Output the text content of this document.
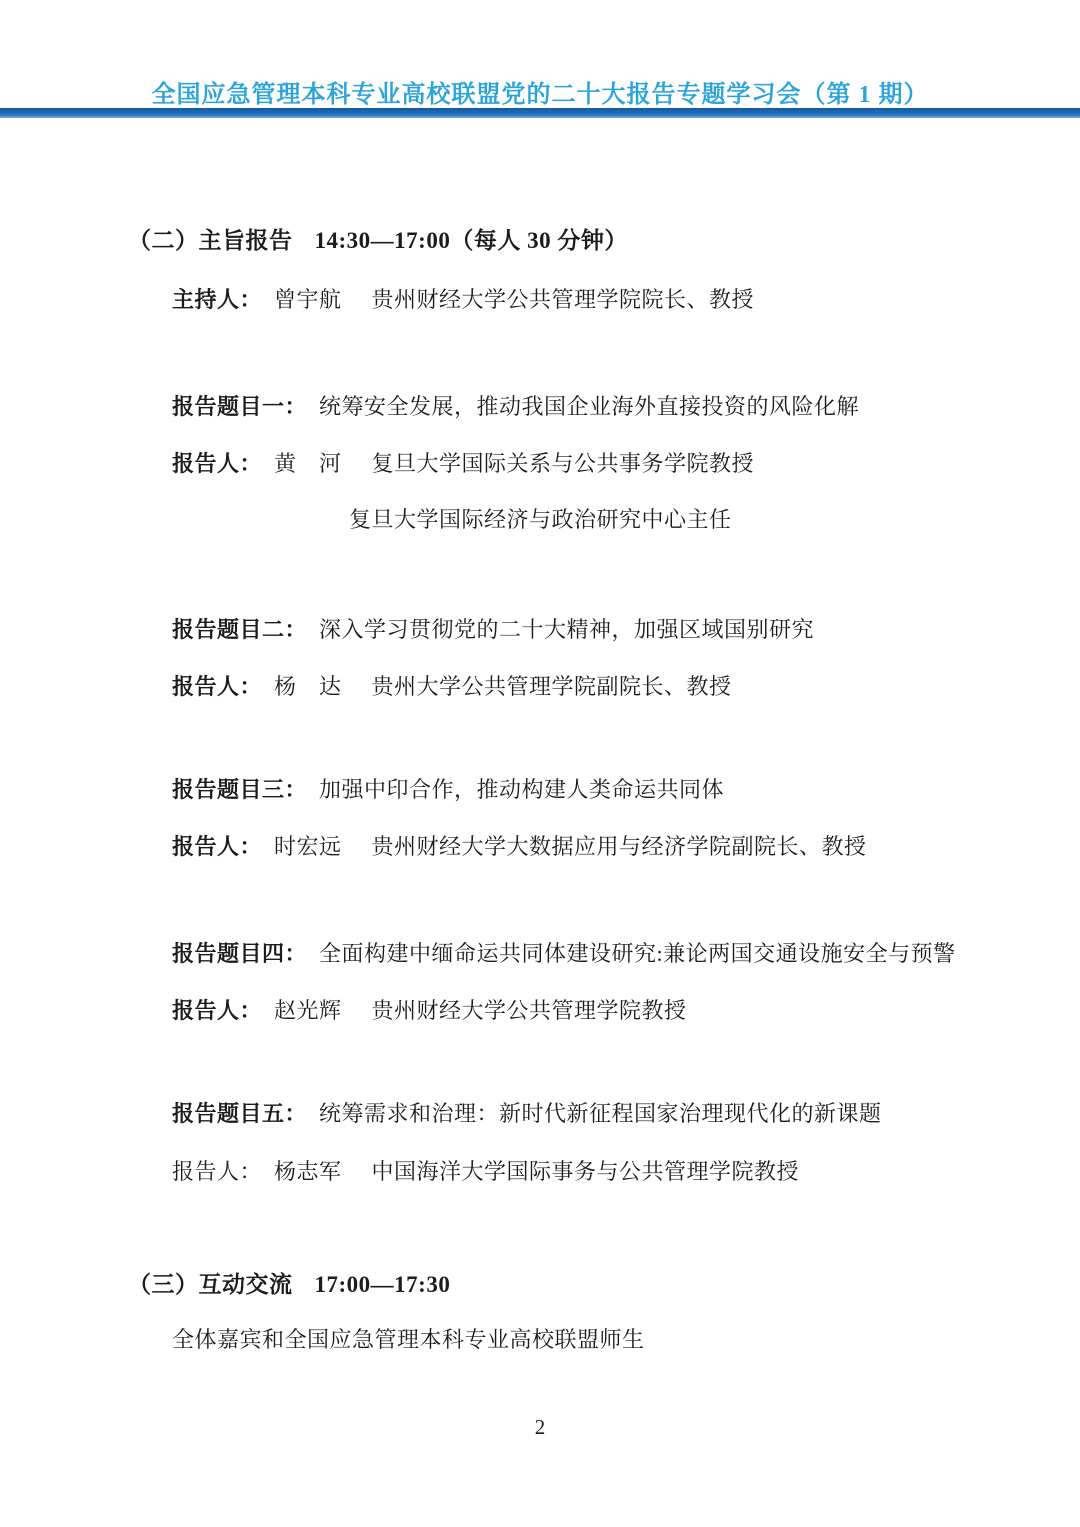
全国应急管理本科专业高校联盟党的二十大报告专题学习会（第 1 期）
（二）主旨报告 14:30—17:00（每人 30 分钟）
主持人： 曾宇航 贵州财经大学公共管理学院院长、教授
报告题目一： 统筹安全发展，推动我国企业海外直接投资的风险化解
报告人： 黄　河 复旦大学国际关系与公共事务学院教授
复旦大学国际经济与政治研究中心主任
报告题目二： 深入学习贯彻党的二十大精神，加强区域国别研究
报告人： 杨　达 贵州大学公共管理学院副院长、教授
报告题目三： 加强中印合作，推动构建人类命运共同体
报告人： 时宏远 贵州财经大学大数据应用与经济学院副院长、教授
报告题目四： 全面构建中缅命运共同体建设研究:兼论两国交通设施安全与预警
报告人： 赵光辉 贵州财经大学公共管理学院教授
报告题目五： 统筹需求和治理：新时代新征程国家治理现代化的新课题
报告人： 杨志军 中国海洋大学国际事务与公共管理学院教授
（三）互动交流 17:00—17:30
全体嘉宾和全国应急管理本科专业高校联盟师生
2
